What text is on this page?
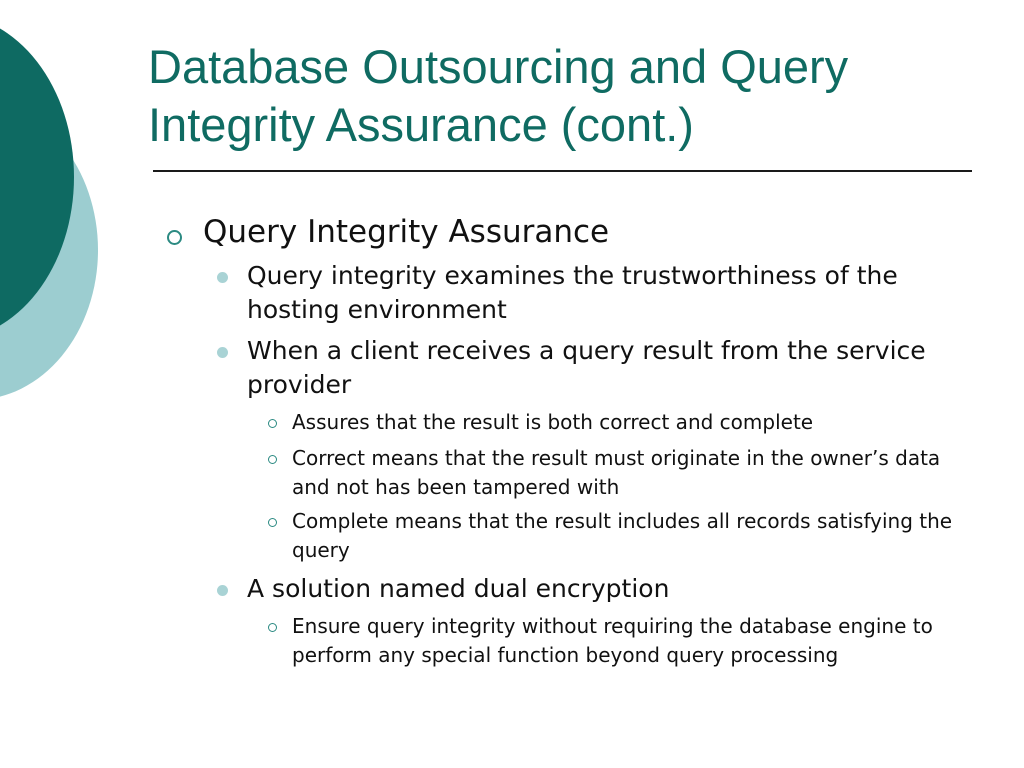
Database Outsourcing and Query
Integrity Assurance (cont.)

Query Integrity Assurance

Query integrity examines the trustworthiness of the hosting environment

When a client receives a query result from the service provider

Assures that the result is both correct and complete

Correct means that the result must originate in the owner’s data and not has been tampered with

Complete means that the result includes all records satisfying the query

A solution named dual encryption

Ensure query integrity without requiring the database engine to perform any special function beyond query processing
